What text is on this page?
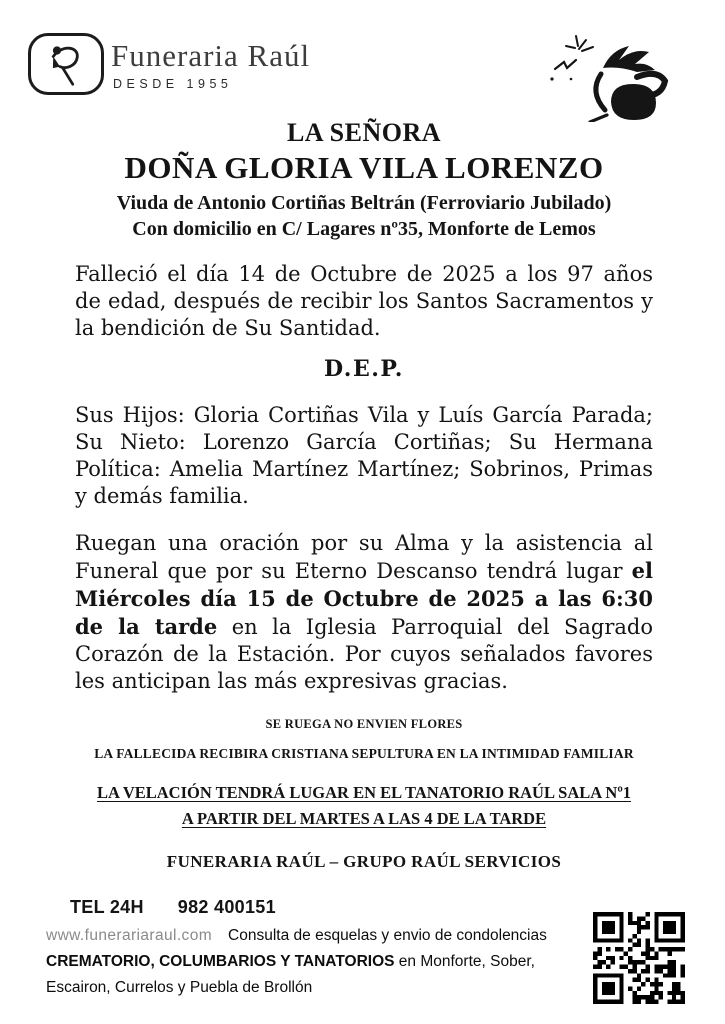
Funeraria Raúl
DESDE 1955
LA SEÑORA
DOÑA GLORIA VILA LORENZO
Viuda de Antonio Cortiñas Beltrán (Ferroviario Jubilado)
Con domicilio en C/ Lagares nº35, Monforte de Lemos

Falleció el día 14 de Octubre de 2025 a los 97 años de edad, después de recibir los Santos Sacramentos y la bendición de Su Santidad.

D.E.P.

Sus Hijos: Gloria Cortiñas Vila y Luís García Parada; Su Nieto: Lorenzo García Cortiñas; Su Hermana Política: Amelia Martínez Martínez; Sobrinos, Primas y demás familia.

Ruegan una oración por su Alma y la asistencia al Funeral que por su Eterno Descanso tendrá lugar el Miércoles día 15 de Octubre de 2025 a las 6:30 de la tarde en la Iglesia Parroquial del Sagrado Corazón de la Estación. Por cuyos señalados favores les anticipan las más expresivas gracias.

SE RUEGA NO ENVIEN FLORES
LA FALLECIDA RECIBIRA CRISTIANA SEPULTURA EN LA INTIMIDAD FAMILIAR
LA VELACIÓN TENDRÁ LUGAR EN EL TANATORIO RAÚL SALA Nº1
A PARTIR DEL MARTES A LAS 4 DE LA TARDE
FUNERARIA RAÚL – GRUPO RAÚL SERVICIOS
TEL 24H 982 400151

www.funerariaraul.com Consulta de esquelas y envio de condolencias CREMATORIO, COLUMBARIOS Y TANATORIOS en Monforte, Sober, Escairon, Currelos y Puebla de Brollón
